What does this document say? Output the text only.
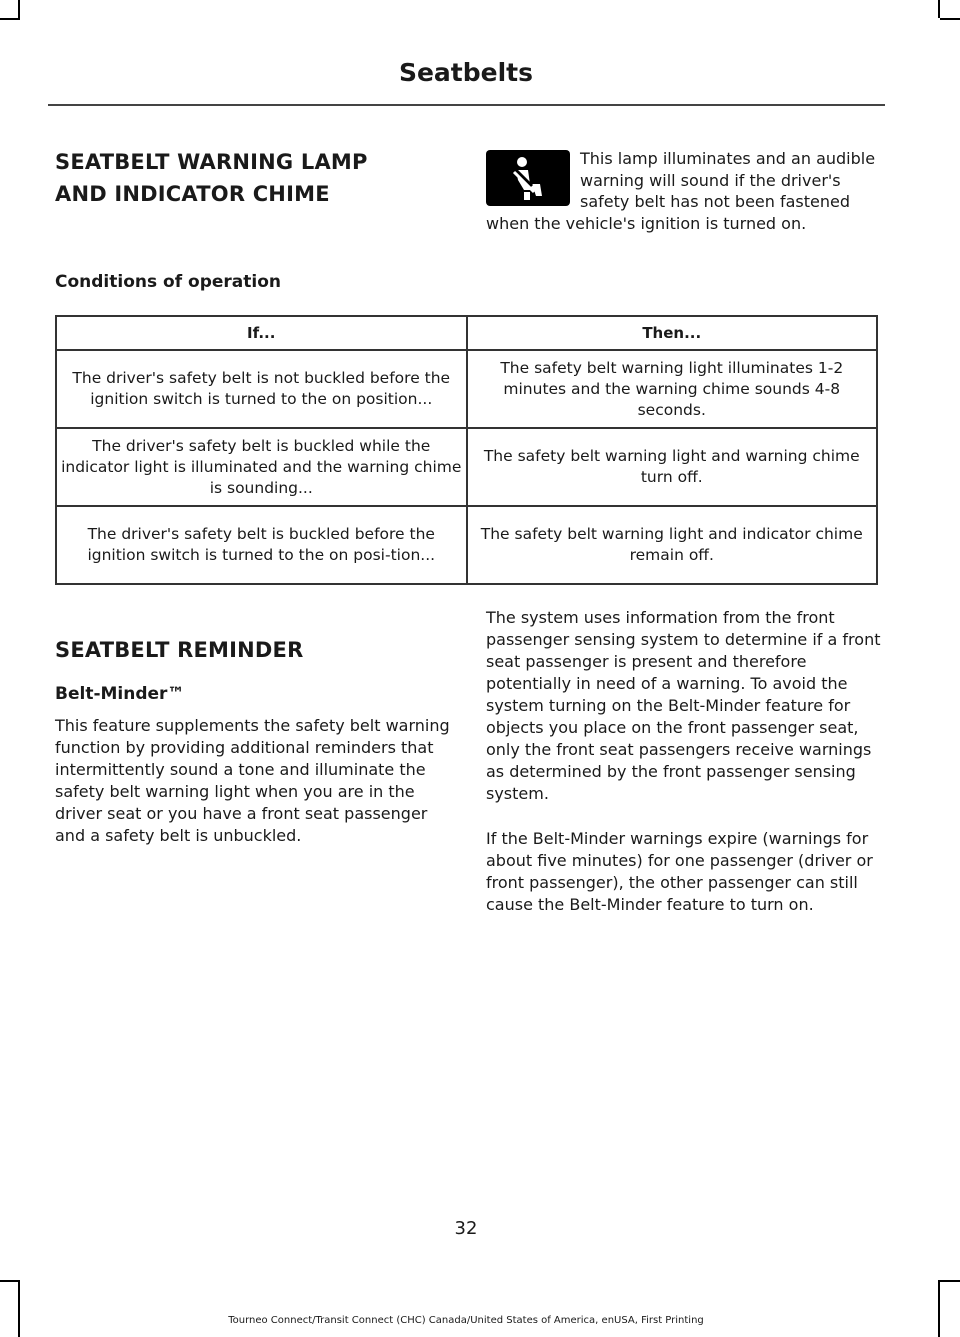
Seatbelts
SEATBELT WARNING LAMP
AND INDICATOR CHIME
This lamp illuminates and an audible warning will sound if the driver's safety belt has not been fastened when the vehicle's ignition is turned on.
Conditions of operation
If...	Then...
The driver's safety belt is not buckled before the ignition switch is turned to the on position...	The safety belt warning light illuminates 1-2 minutes and the warning chime sounds 4-8 seconds.
The driver's safety belt is buckled while the indicator light is illuminated and the warning chime is sounding...	The safety belt warning light and warning chime turn off.
The driver's safety belt is buckled before the ignition switch is turned to the on posi-tion...	The safety belt warning light and indicator chime remain off.
SEATBELT REMINDER
Belt-Minder™

This feature supplements the safety belt warning function by providing additional reminders that intermittently sound a tone and illuminate the safety belt warning light when you are in the driver seat or you have a front seat passenger and a safety belt is unbuckled.

The system uses information from the front passenger sensing system to determine if a front seat passenger is present and therefore potentially in need of a warning. To avoid the system turning on the Belt-Minder feature for objects you place on the front passenger seat, only the front seat passengers receive warnings as determined by the front passenger sensing system.

If the Belt-Minder warnings expire (warnings for about five minutes) for one passenger (driver or front passenger), the other passenger can still cause the Belt-Minder feature to turn on.

32
Tourneo Connect/Transit Connect (CHC) Canada/United States of America, enUSA, First Printing
